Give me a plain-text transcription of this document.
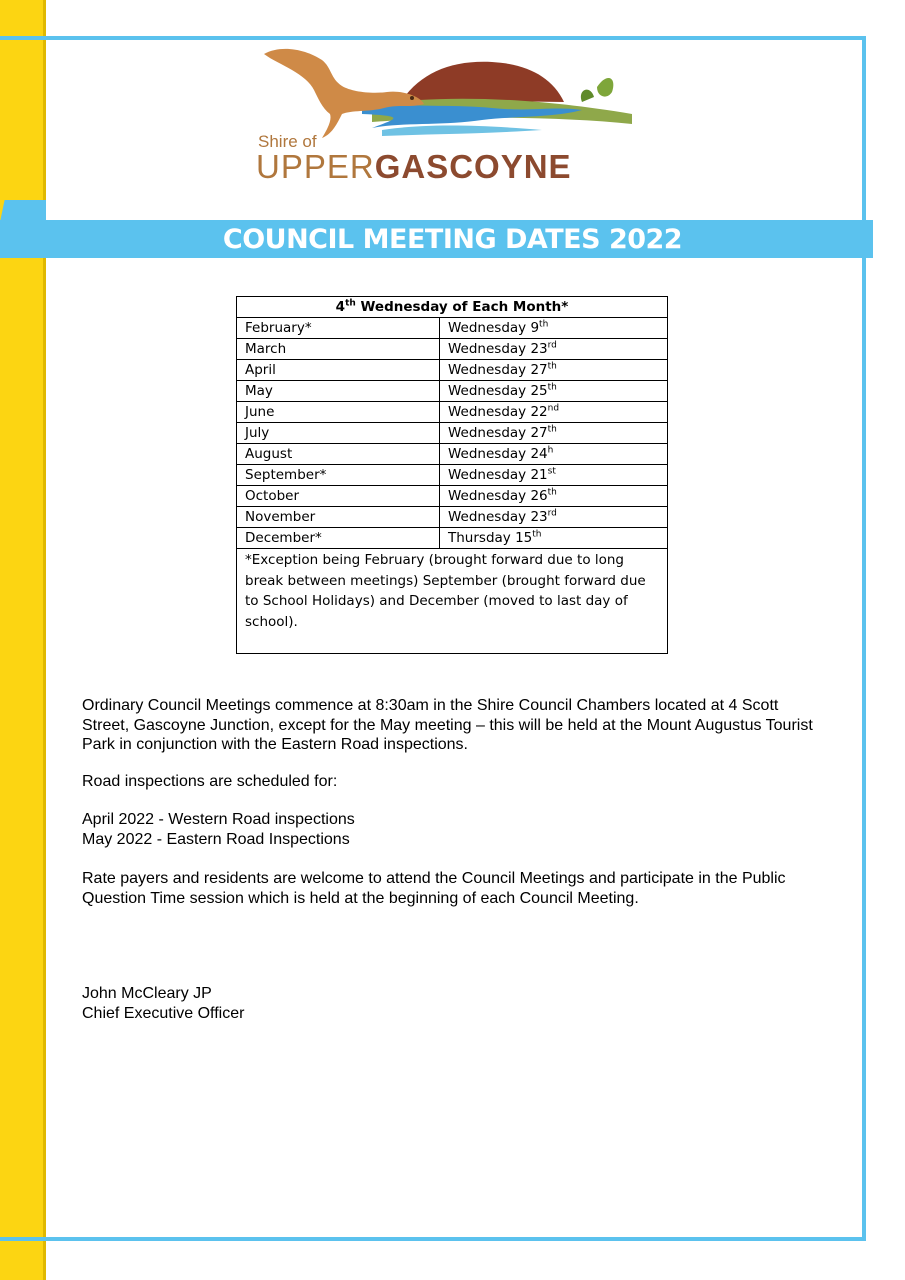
Shire of
UPPERGASCOYNE
COUNCIL MEETING DATES 2022
4th Wednesday of Each Month*	
February*	Wednesday 9th
March	Wednesday 23rd
April	Wednesday 27th
May	Wednesday 25th
June	Wednesday 22nd
July	Wednesday 27th
August	Wednesday 24$^h$
September*	Wednesday 21st
October	Wednesday 26th
November	Wednesday 23rd
December*	Thursday 15th
*Exception being February (brought forward due to long break between meetings) September (brought forward due to School Holidays) and December (moved to last day of school).	
Ordinary Council Meetings commence at 8:30am in the Shire Council Chambers located at 4 Scott Street, Gascoyne Junction, except for the May meeting – this will be held at the Mount Augustus Tourist Park in conjunction with the Eastern Road inspections.
Road inspections are scheduled for:
April 2022 - Western Road inspections
May 2022 - Eastern Road Inspections
Rate payers and residents are welcome to attend the Council Meetings and participate in the Public Question Time session which is held at the beginning of each Council Meeting.
John McCleary JP
Chief Executive Officer
